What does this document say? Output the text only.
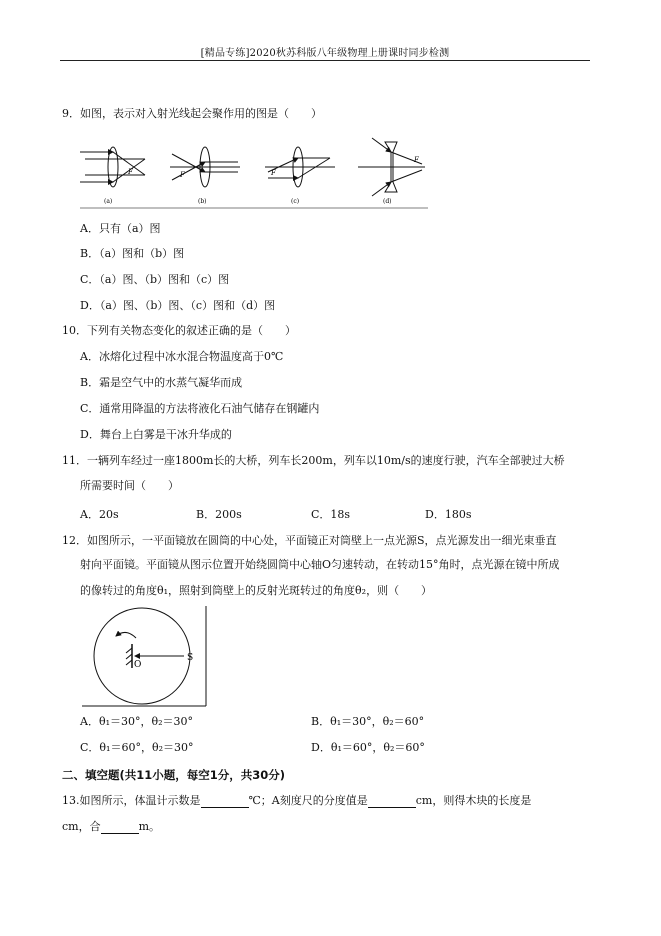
[精品专练]2020秋苏科版八年级物理上册课时同步检测
9．如图，表示对入射光线起会聚作用的图是（　　）
F	F	F
F
(a)	(b)	(c)	(d)
A．只有（a）图
B．（a）图和（b）图
C．（a）图、（b）图和（c）图
D．（a）图、（b）图、（c）图和（d）图
10．下列有关物态变化的叙述正确的是（　　）
A．冰熔化过程中冰水混合物温度高于0℃
B．霜是空气中的水蒸气凝华而成
C．通常用降温的方法将液化石油气储存在钢罐内
D．舞台上白雾是干冰升华成的
11．一辆列车经过一座1800m长的大桥，列车长200m，列车以10m/s的速度行驶，汽车全部驶过大桥
所需要时间（　　）
A．20s	B．200s	C．18s	D．180s
12．如图所示，一平面镜放在圆筒的中心处，平面镜正对筒壁上一点光源S，点光源发出一细光束垂直
射向平面镜。平面镜从图示位置开始绕圆筒中心轴O匀速转动，在转动15°角时，点光源在镜中所成
的像转过的角度θ₁，照射到筒壁上的反射光斑转过的角度θ₂，则（　　）
O
S
A．θ₁＝30°，θ₂＝30°	B．θ₁＝30°，θ₂＝60°
C．θ₁＝60°，θ₂＝30°	D．θ₁＝60°，θ₂＝60°
二、填空题(共11小题，每空1分，共30分)
13.如图所示，体温计示数是	℃；A刻度尺的分度值是	cm，则得木块的长度是
cm，合	m。
